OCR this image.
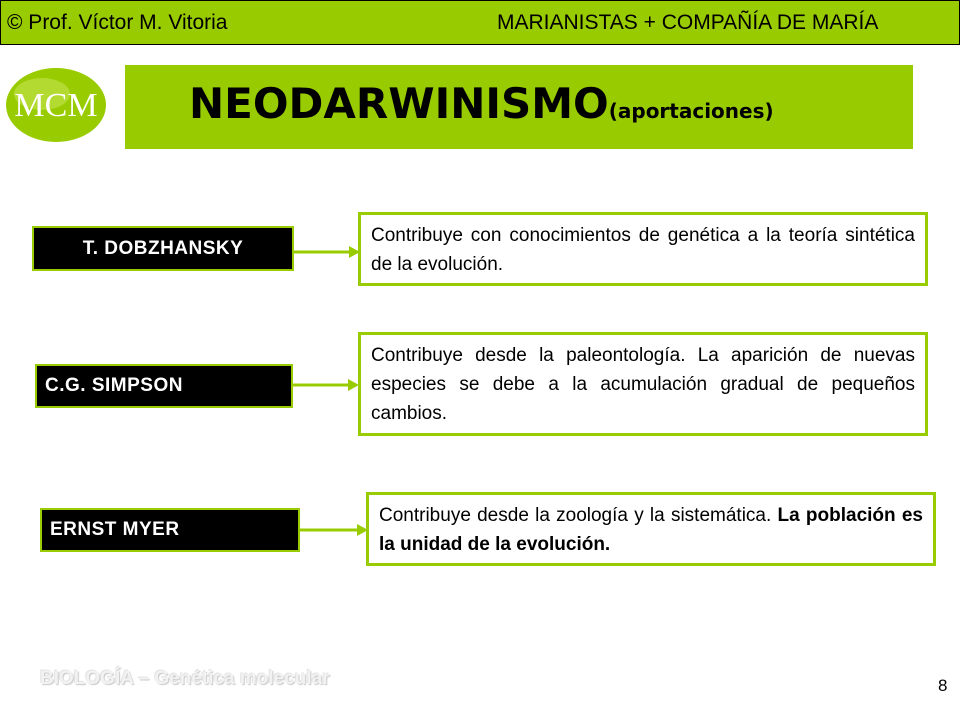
© Prof. Víctor M. Vitoria	MARIANISTAS + COMPAÑÍA DE MARÍA
MCM NEODARWINISMO(aportaciones)
T. DOBZHANSKY
Contribuye con conocimientos de genética a la teoría sintética de la evolución.
C.G. SIMPSON
Contribuye desde la paleontología. La aparición de nuevas especies se debe a la acumulación gradual de pequeños cambios.
ERNST MYER
Contribuye desde la zoología y la sistemática. La población es la unidad de la evolución.
BIOLOGÍA – Genética molecular	8
